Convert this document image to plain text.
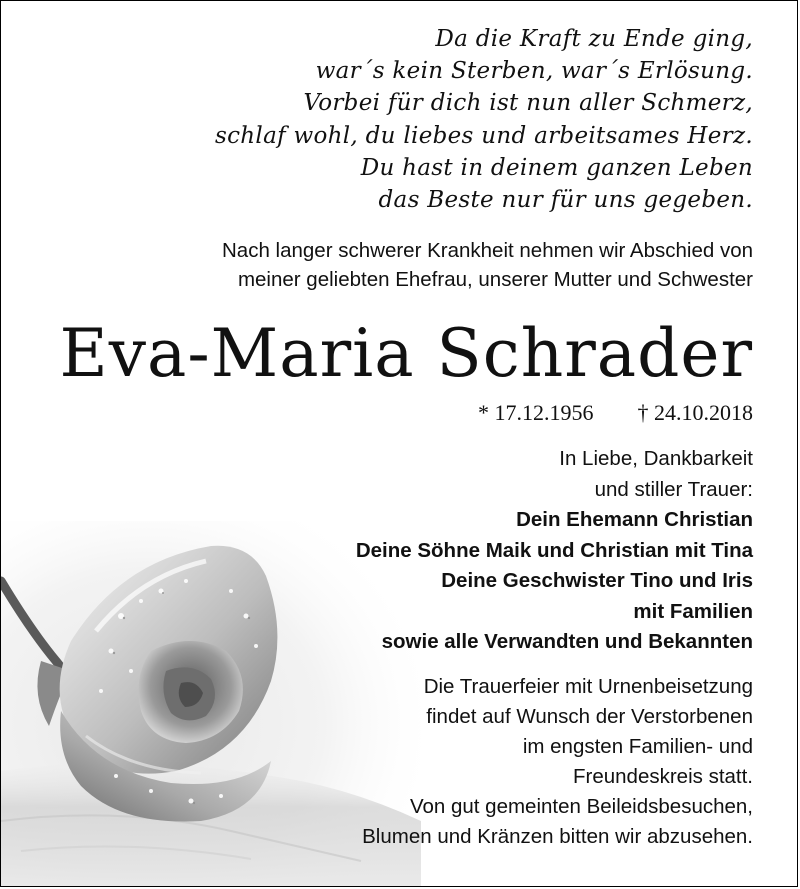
Da die Kraft zu Ende ging,
war´s kein Sterben, war´s Erlösung.
Vorbei für dich ist nun aller Schmerz,
schlaf wohl, du liebes und arbeitsames Herz.
Du hast in deinem ganzen Leben
das Beste nur für uns gegeben.
Nach langer schwerer Krankheit nehmen wir Abschied von
meiner geliebten Ehefrau, unserer Mutter und Schwester
Eva-Maria Schrader
* 17.12.1956 † 24.10.2018
In Liebe, Dankbarkeit
und stiller Trauer:
Dein Ehemann Christian
Deine Söhne Maik und Christian mit Tina
Deine Geschwister Tino und Iris
mit Familien
sowie alle Verwandten und Bekannten
Die Trauerfeier mit Urnenbeisetzung
findet auf Wunsch der Verstorbenen
im engsten Familien- und
Freundeskreis statt.
Von gut gemeinten Beileidsbesuchen,
Blumen und Kränzen bitten wir abzusehen.
